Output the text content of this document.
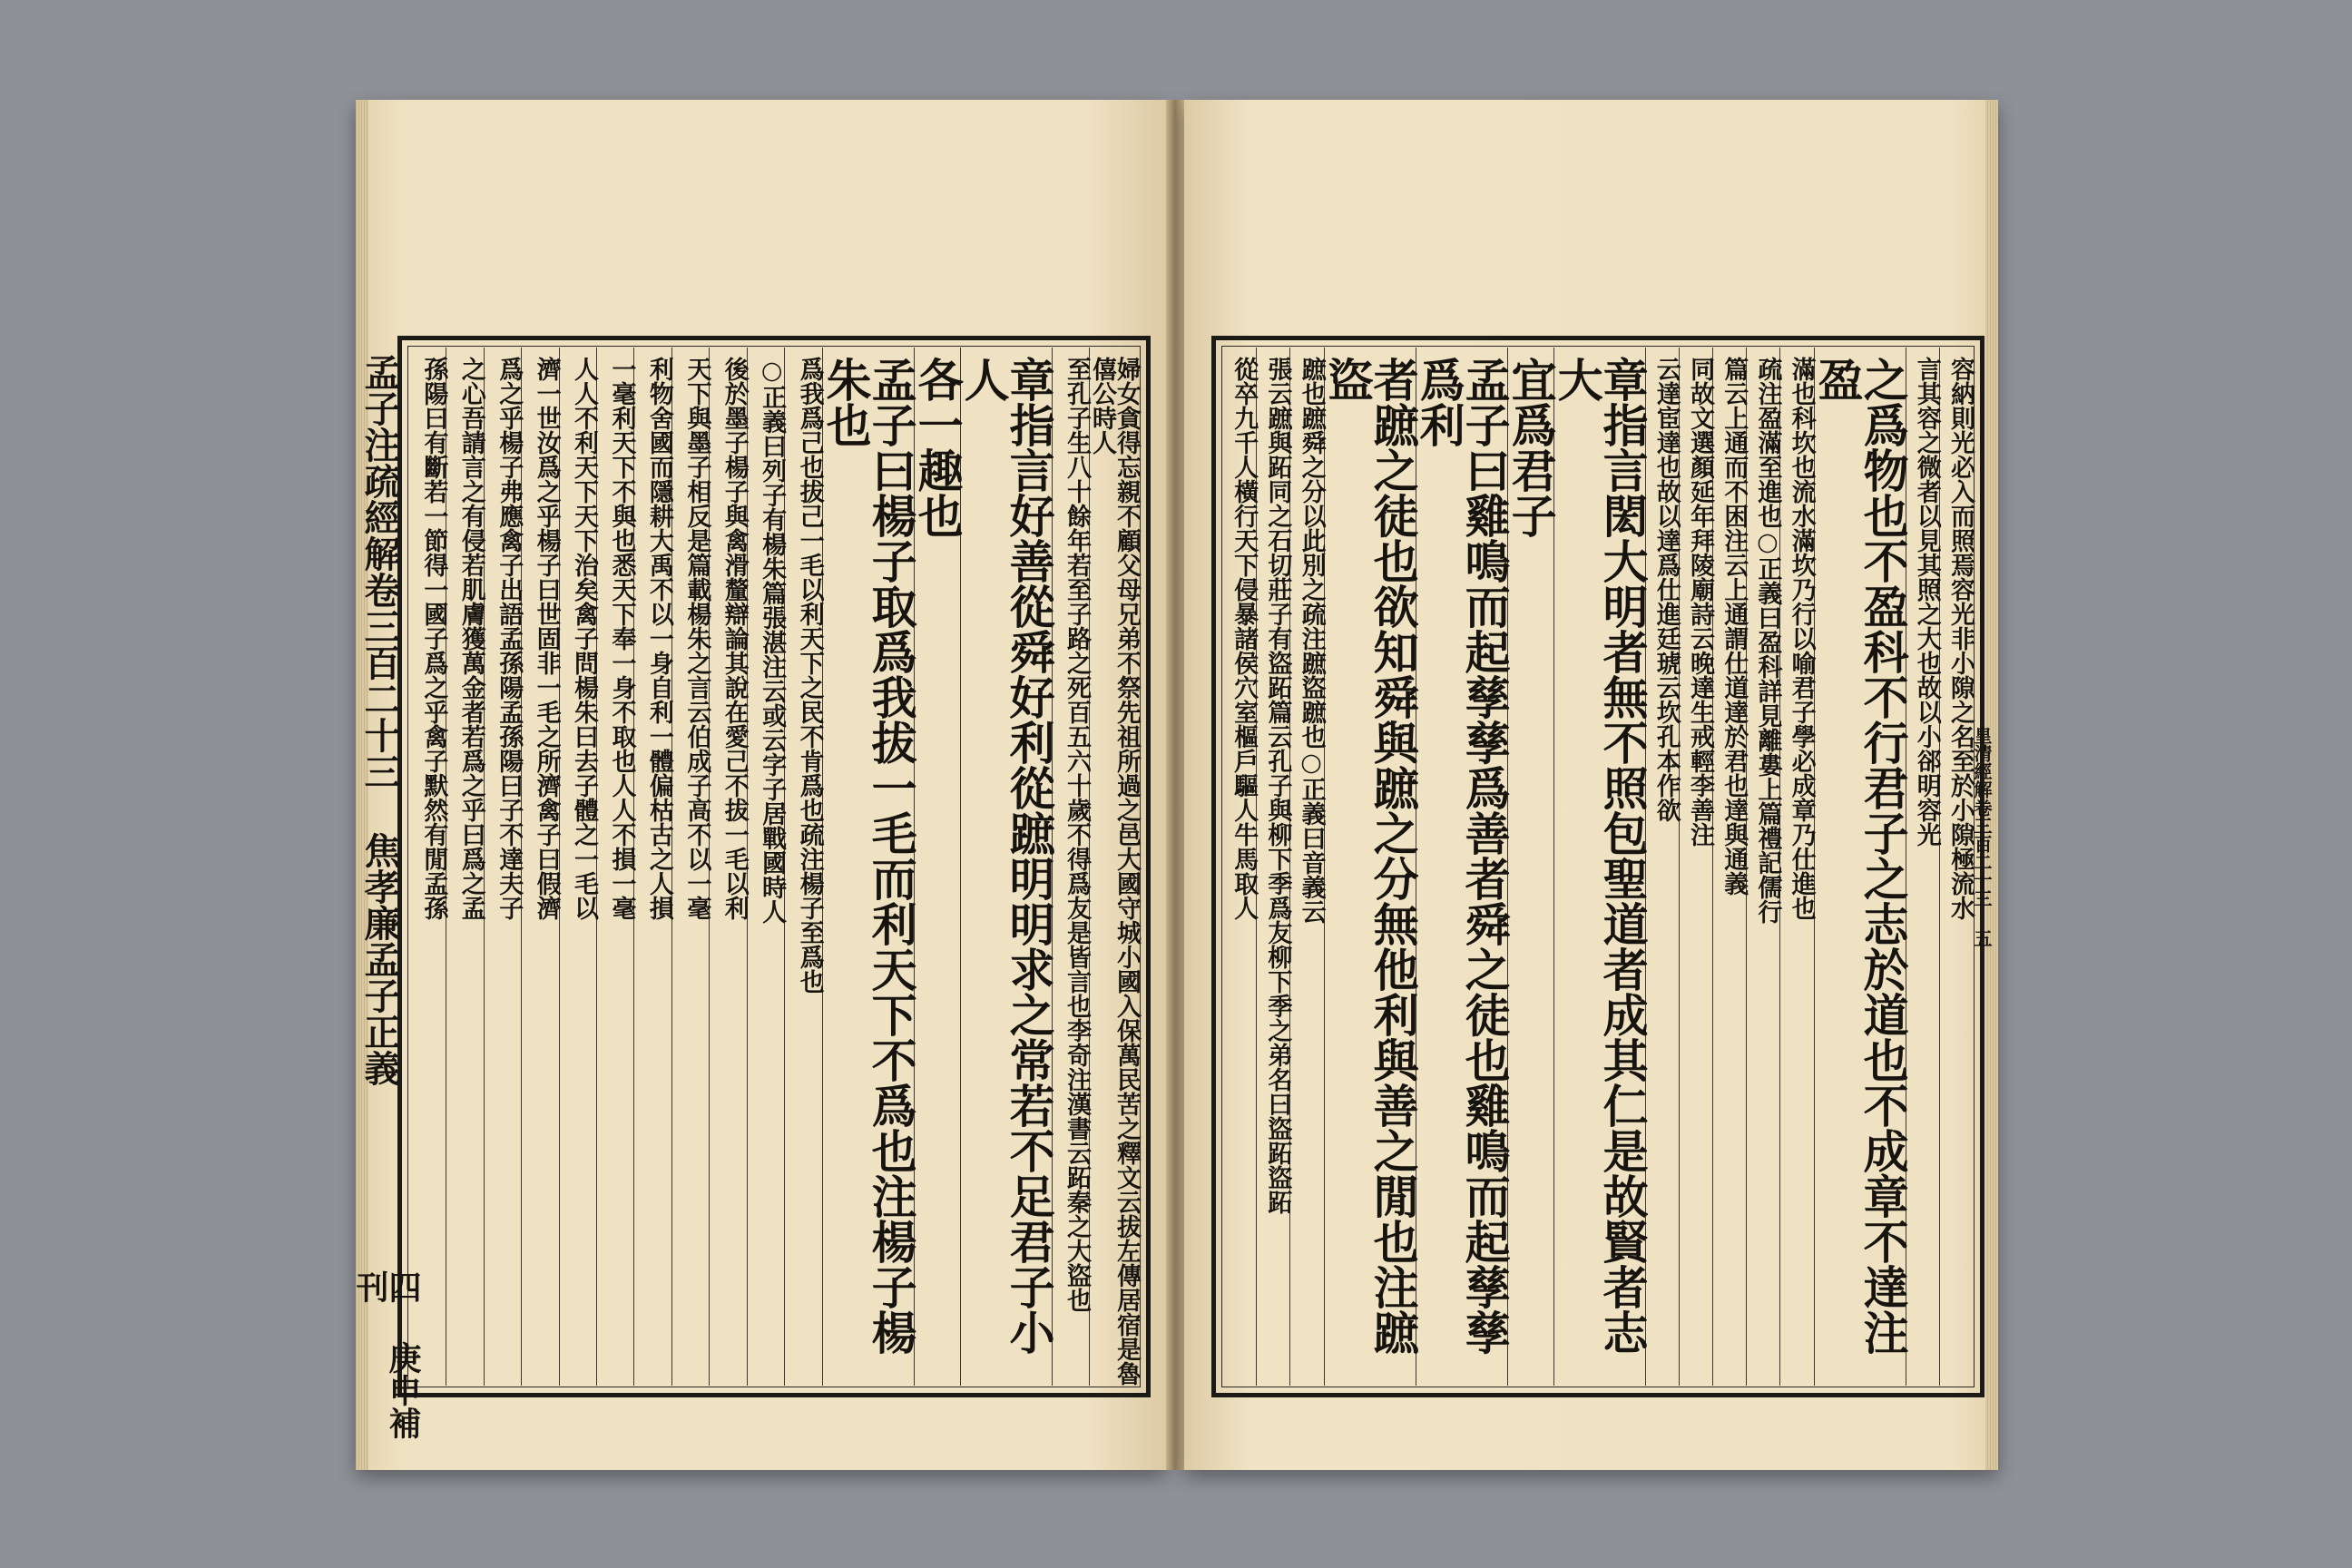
孟子注疏經解卷三百二十三 焦孝廉孟子正義	婦女貪得忘親不顧父母兄弟不祭先祖所過之邑大國守城小國入保萬民苦之釋文云拔左傳居宿是魯僖公時人
至孔子生八十餘年若至子路之死百五六十歲不得爲友是皆言也李奇注漢書云跖秦之大盜也
章指言好善從舜好利從蹠明明求之常若不足君子小人
各一趣也
孟子曰楊子取爲我拔一毛而利天下不爲也注楊子楊朱也
爲我爲己也拔己一毛以利天下之民不肯爲也疏注楊子至爲也
○正義曰列子有楊朱篇張湛注云或云字子居戰國時人
後於墨子楊子與禽滑釐辯論其說在愛己不拔一毛以利
天下與墨子相反是篇載楊朱之言云伯成子高不以一毫
利物舍國而隱耕大禹不以一身自利一體偏枯古之人損
一毫利天下不與也悉天下奉一身不取也人人不損一毫
人人不利天下天下治矣禽子問楊朱曰去子體之一毛以
濟一世汝爲之乎楊子曰世固非一毛之所濟禽子曰假濟
爲之乎楊子弗應禽子出語孟孫陽孟孫陽曰子不達夫子
之心吾請言之有侵若肌膚獲萬金者若爲之乎曰爲之孟
孫陽曰有斷若一節得一國子爲之乎禽子默然有閒孟孫
四 庚申補刊
容納則光必入而照焉容光非小隙之名至於小隙極流水
言其容之微者以見其照之大也故以小郤明容光
之爲物也不盈科不行君子之志於道也不成章不達注盈
滿也科坎也流水滿坎乃行以喻君子學必成章乃仕進也
疏注盈滿至進也○正義曰盈科詳見離婁上篇禮記儒行
篇云上通而不困注云上通謂仕道達於君也達與通義
同故文選顏延年拜陵廟詩云晚達生戒輕李善注
云達宦達也故以達爲仕進廷琥云坎孔本作欲
章指言閎大明者無不照包聖道者成其仁是故賢者志大
宜爲君子
孟子曰雞鳴而起孳孳爲善者舜之徒也雞鳴而起孳孳爲利
者蹠之徒也欲知舜與蹠之分無他利與善之閒也注蹠盜
蹠也蹠舜之分以此別之疏注蹠盜蹠也○正義曰音義云
張云蹠與跖同之石切莊子有盜跖篇云孔子與柳下季爲友柳下季之弟名曰盜跖盜跖
從卒九千人橫行天下侵暴諸侯穴室樞戶驅人牛馬取人	皇清經解卷三百二十三 五
